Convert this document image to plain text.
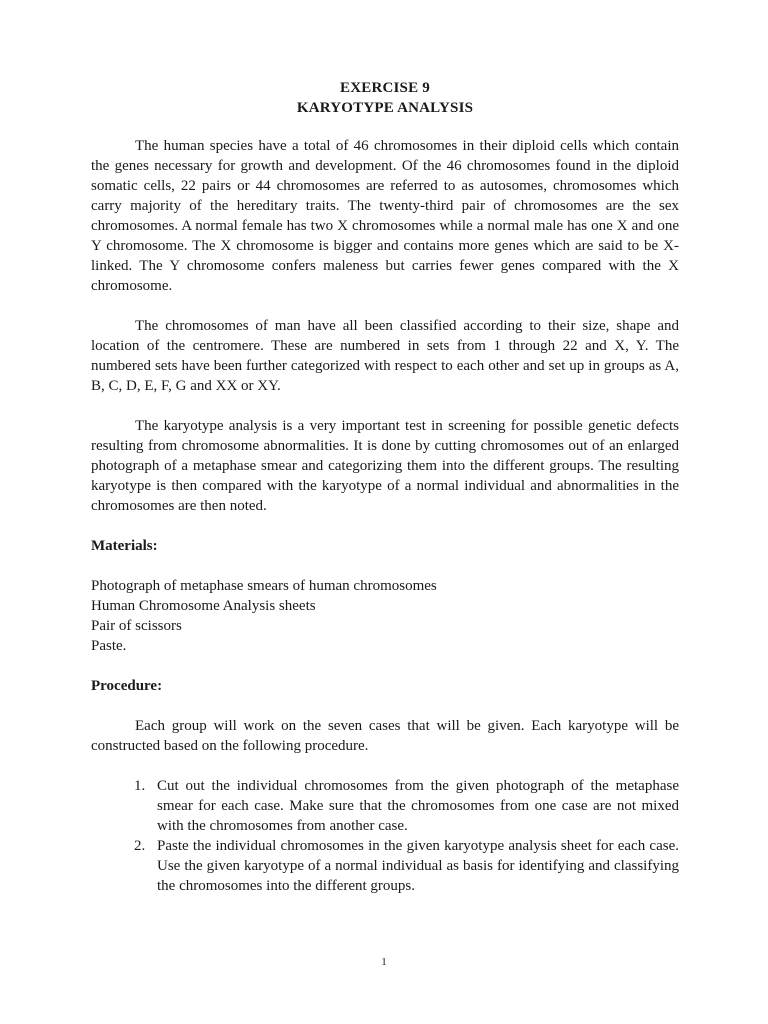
EXERCISE 9
KARYOTYPE ANALYSIS

The human species have a total of 46 chromosomes in their diploid cells which contain the genes necessary for growth and development. Of the 46 chromosomes found in the diploid somatic cells, 22 pairs or 44 chromosomes are referred to as autosomes, chromosomes which carry majority of the hereditary traits. The twenty-third pair of chromosomes are the sex chromosomes. A normal female has two X chromosomes while a normal male has one X and one Y chromosome. The X chromosome is bigger and contains more genes which are said to be X-linked. The Y chromosome confers maleness but carries fewer genes compared with the X chromosome.

The chromosomes of man have all been classified according to their size, shape and location of the centromere. These are numbered in sets from 1 through 22 and X, Y. The numbered sets have been further categorized with respect to each other and set up in groups as A, B, C, D, E, F, G and XX or XY.

The karyotype analysis is a very important test in screening for possible genetic defects resulting from chromosome abnormalities. It is done by cutting chromosomes out of an enlarged photograph of a metaphase smear and categorizing them into the different groups. The resulting karyotype is then compared with the karyotype of a normal individual and abnormalities in the chromosomes are then noted.

Materials:
Photograph of metaphase smears of human chromosomes
Human Chromosome Analysis sheets
Pair of scissors
Paste.
Procedure:

Each group will work on the seven cases that will be given. Each karyotype will be constructed based on the following procedure.

1. Cut out the individual chromosomes from the given photograph of the metaphase smear for each case. Make sure that the chromosomes from one case are not mixed with the chromosomes from another case.
2. Paste the individual chromosomes in the given karyotype analysis sheet for each case. Use the given karyotype of a normal individual as basis for identifying and classifying the chromosomes into the different groups.
1
